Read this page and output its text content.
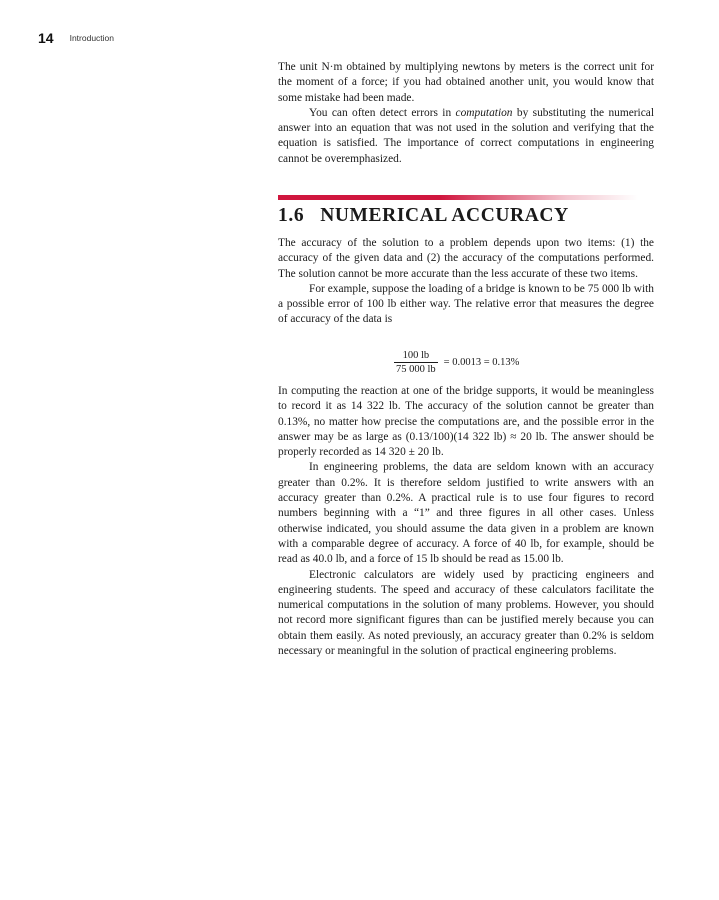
14 Introduction

The unit N·m obtained by multiplying newtons by meters is the correct unit for the moment of a force; if you had obtained another unit, you would know that some mistake had been made.

You can often detect errors in computation by substituting the numerical answer into an equation that was not used in the solution and verifying that the equation is satisfied. The importance of correct computations in engineering cannot be overemphasized.

1.6 NUMERICAL ACCURACY

The accuracy of the solution to a problem depends upon two items: (1) the accuracy of the given data and (2) the accuracy of the computations performed. The solution cannot be more accurate than the less accurate of these two items.

For example, suppose the loading of a bridge is known to be 75 000 lb with a possible error of 100 lb either way. The relative error that measures the degree of accuracy of the data is

$\frac{100 lb}{75 000 lb} = 0.0013 = 0.13\%$

In computing the reaction at one of the bridge supports, it would be meaningless to record it as 14 322 lb. The accuracy of the solution cannot be greater than 0.13%, no matter how precise the computations are, and the possible error in the answer may be as large as (0.13/100)(14 322 lb) ≈ 20 lb. The answer should be properly recorded as 14 320 ± 20 lb.

In engineering problems, the data are seldom known with an accuracy greater than 0.2%. It is therefore seldom justified to write answers with an accuracy greater than 0.2%. A practical rule is to use four figures to record numbers beginning with a “1” and three figures in all other cases. Unless otherwise indicated, you should assume the data given in a problem are known with a comparable degree of accuracy. A force of 40 lb, for example, should be read as 40.0 lb, and a force of 15 lb should be read as 15.00 lb.

Electronic calculators are widely used by practicing engineers and engineering students. The speed and accuracy of these calculators facilitate the numerical computations in the solution of many problems. However, you should not record more significant figures than can be justified merely because you can obtain them easily. As noted previously, an accuracy greater than 0.2% is seldom necessary or meaningful in the solution of practical engineering problems.
